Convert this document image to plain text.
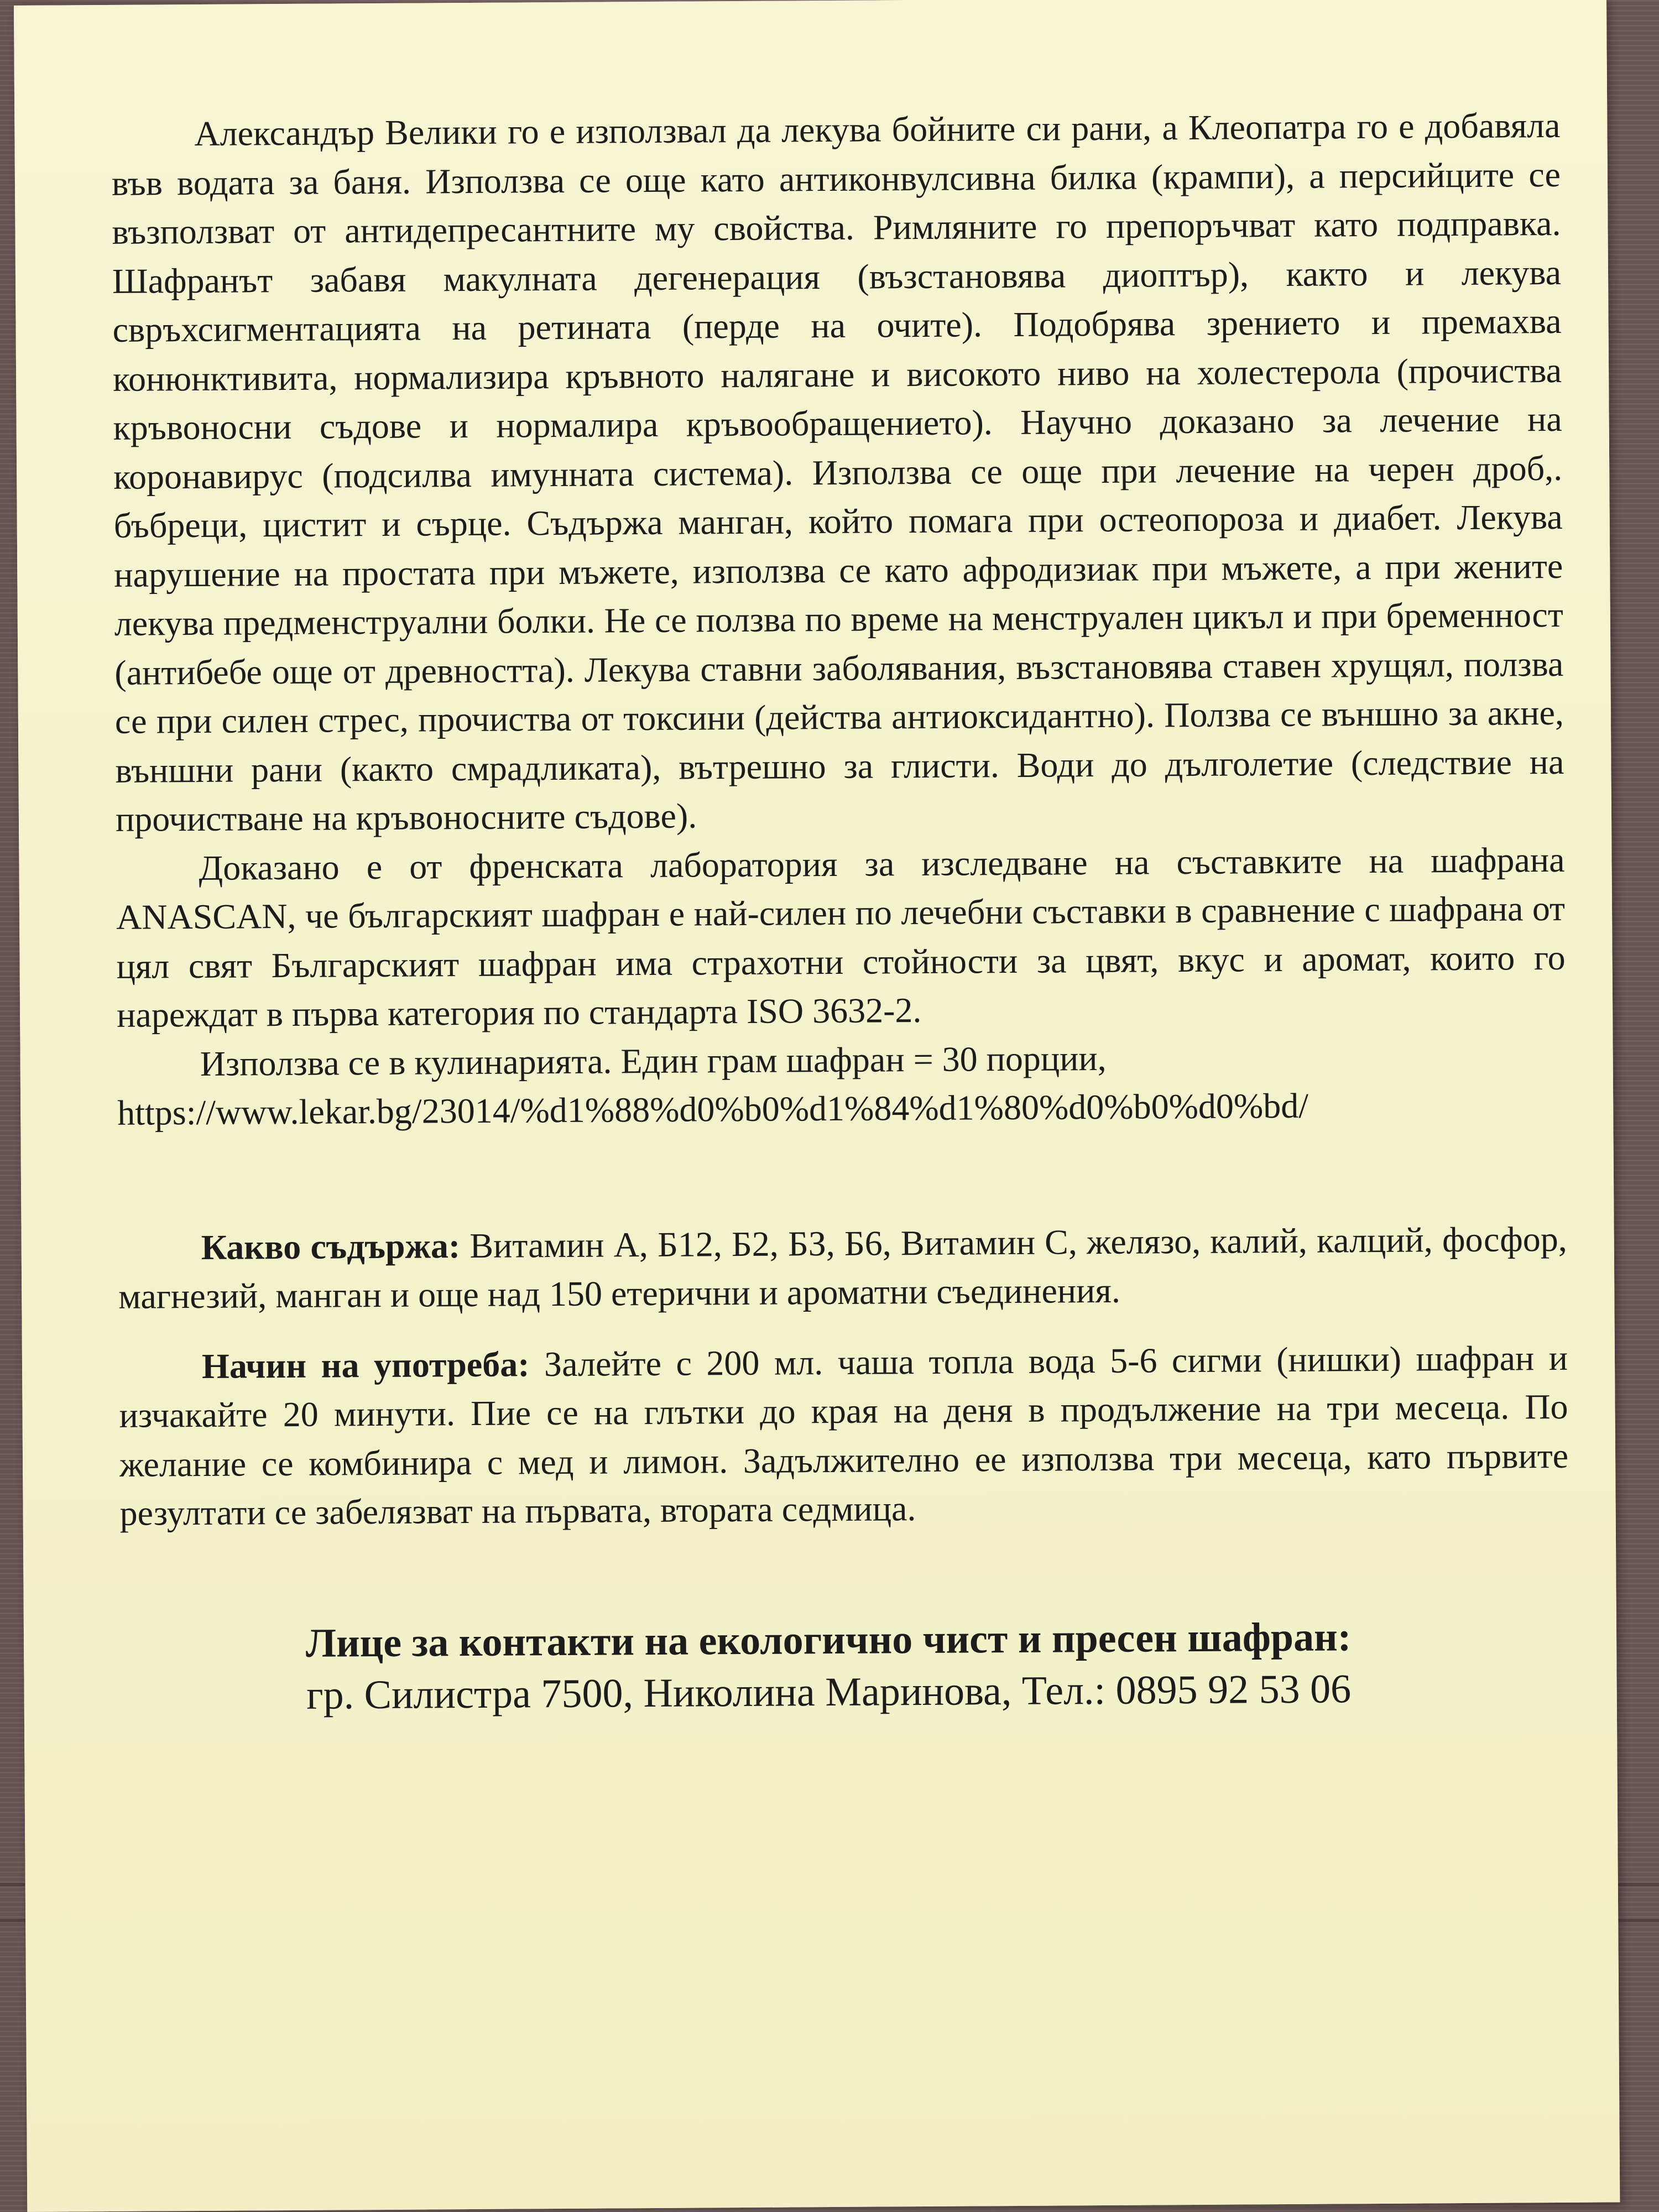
Александър Велики го е използвал да лекува бойните си рани, а Клеопатра го е добавяла във водата за баня. Използва се още като антиконвулсивна билка (крампи), а персийците се възползват от антидепресантните му свойства. Римляните го препоръчват като подправка. Шафранът забавя макулната дегенерация (възстановява диоптър), както и лекува свръхсигментацията на ретината (перде на очите). Подобрява зрението и премахва конюнктивита, нормализира кръвното налягане и високото ниво на холестерола (прочиства кръвоносни съдове и нормалира кръвообращението). Научно доказано за лечение на коронавирус (подсилва имунната система). Използва се още при лечение на черен дроб,. бъбреци, цистит и сърце. Съдържа манган, който помага при остеопороза и диабет. Лекува нарушение на простата при мъжете, използва се като афродизиак при мъжете, а при жените лекува предменструални болки. Не се ползва по време на менструален цикъл и при бременност (антибебе още от древността). Лекува ставни заболявания, възстановява ставен хрущял, ползва се при силен стрес, прочиства от токсини (действа антиоксидантно). Ползва се външно за акне, външни рани (както смрадликата), вътрешно за глисти. Води до дълголетие (следствие на прочистване на кръвоносните съдове).

Доказано е от френската лаборатория за изследване на съставките на шафрана ANASCAN, че българският шафран е най-силен по лечебни съставки в сравнение с шафрана от цял свят Българският шафран има страхотни стойности за цвят, вкус и аромат, които го нареждат в първа категория по стандарта ISO 3632-2.

Използва се в кулинарията. Един грам шафран = 30 порции,

https://www.lekar.bg/23014/%d1%88%d0%b0%d1%84%d1%80%d0%b0%d0%bd/

Какво съдържа: Витамин А, Б12, Б2, БЗ, Б6, Витамин С, желязо, калий, калций, фосфор, магнезий, манган и още над 150 етерични и ароматни съединения.

Начин на употреба: Залейте с 200 мл. чаша топла вода 5-6 сигми (нишки) шафран и изчакайте 20 минути. Пие се на глътки до края на деня в продължение на три месеца. По желание се комбинира с мед и лимон. Задължително ее използва три месеца, като първите резултати се забелязват на първата, втората седмица.

Лице за контакти на екологично чист и пресен шафран:
гр. Силистра 7500, Николина Маринова, Тел.: 0895 92 53 06
